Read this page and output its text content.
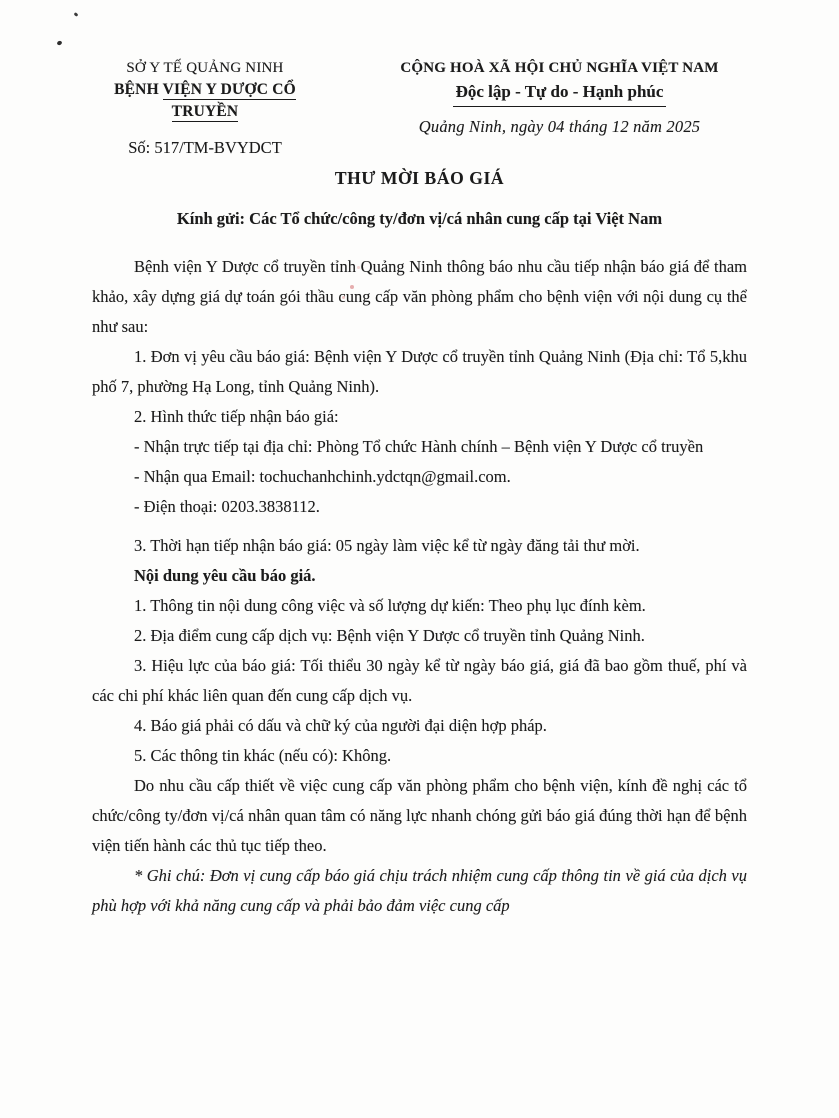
SỞ Y TẾ QUẢNG NINH
BỆNH VIỆN Y DƯỢC CỔ TRUYỀN
Số: 517/TM-BVYDCT
CỘNG HOÀ XÃ HỘI CHỦ NGHĨA VIỆT NAM
Độc lập - Tự do - Hạnh phúc
Quảng Ninh, ngày 04 tháng 12 năm 2025
THƯ MỜI BÁO GIÁ
Kính gửi: Các Tổ chức/công ty/đơn vị/cá nhân cung cấp tại Việt Nam

Bệnh viện Y Dược cổ truyền tỉnh Quảng Ninh thông báo nhu cầu tiếp nhận báo giá để tham khảo, xây dựng giá dự toán gói thầu cung cấp văn phòng phẩm cho bệnh viện với nội dung cụ thể như sau:

1. Đơn vị yêu cầu báo giá: Bệnh viện Y Dược cổ truyền tỉnh Quảng Ninh (Địa chỉ: Tổ 5,khu phố 7, phường Hạ Long, tỉnh Quảng Ninh).

2. Hình thức tiếp nhận báo giá:

- Nhận trực tiếp tại địa chỉ: Phòng Tổ chức Hành chính – Bệnh viện Y Dược cổ truyền

- Nhận qua Email: tochuchanhchinh.ydctqn@gmail.com.

- Điện thoại: 0203.3838112.

3. Thời hạn tiếp nhận báo giá: 05 ngày làm việc kể từ ngày đăng tải thư mời.

Nội dung yêu cầu báo giá.

1. Thông tin nội dung công việc và số lượng dự kiến: Theo phụ lục đính kèm.

2. Địa điểm cung cấp dịch vụ: Bệnh viện Y Dược cổ truyền tỉnh Quảng Ninh.

3. Hiệu lực của báo giá: Tối thiểu 30 ngày kể từ ngày báo giá, giá đã bao gồm thuế, phí và các chi phí khác liên quan đến cung cấp dịch vụ.

4. Báo giá phải có dấu và chữ ký của người đại diện hợp pháp.

5. Các thông tin khác (nếu có): Không.

Do nhu cầu cấp thiết về việc cung cấp văn phòng phẩm cho bệnh viện, kính đề nghị các tổ chức/công ty/đơn vị/cá nhân quan tâm có năng lực nhanh chóng gửi báo giá đúng thời hạn để bệnh viện tiến hành các thủ tục tiếp theo.

* Ghi chú: Đơn vị cung cấp báo giá chịu trách nhiệm cung cấp thông tin về giá của dịch vụ phù hợp với khả năng cung cấp và phải bảo đảm việc cung cấp
